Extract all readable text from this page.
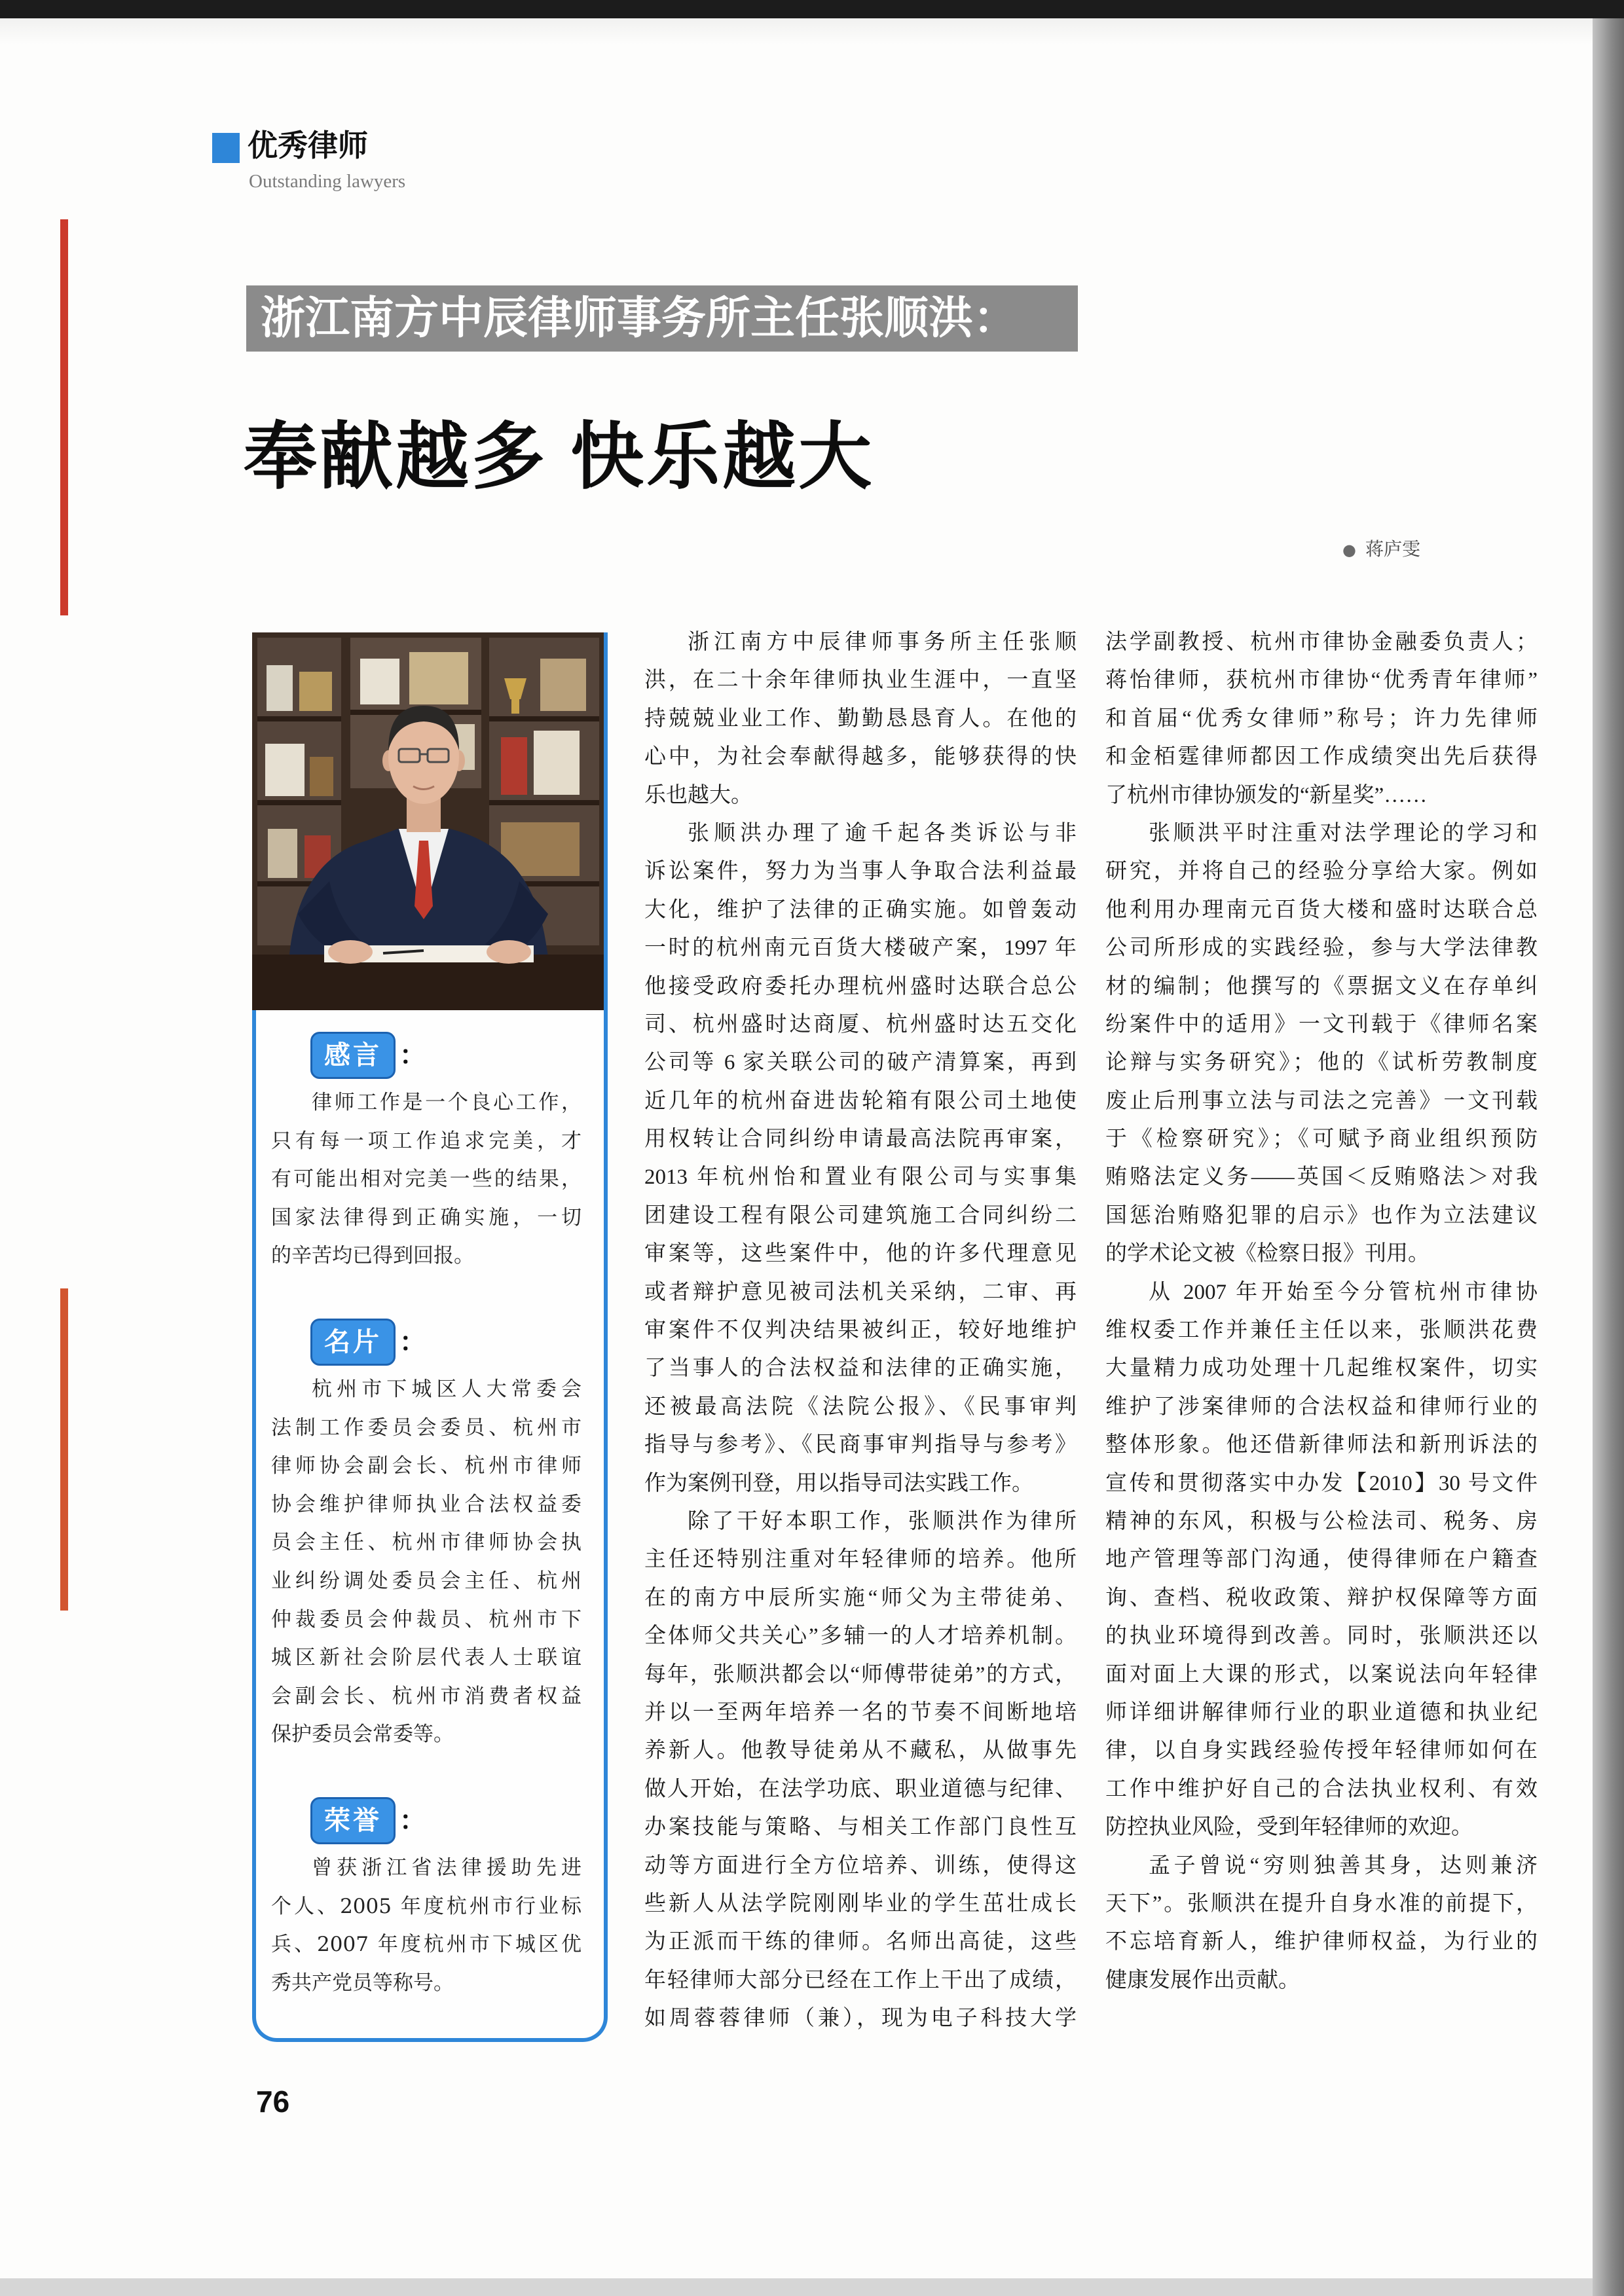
优秀律师
Outstanding lawyers
浙江南方中辰律师事务所主任张顺洪：
奉献越多 快乐越大
● 蒋庐雯
感言 ：
律师工作是一个良心工作，
只有每一项工作追求完美，才
有可能出相对完美一些的结果，
国家法律得到正确实施，一切
的辛苦均已得到回报。
名片 ：
杭州市下城区人大常委会
法制工作委员会委员、杭州市
律师协会副会长、杭州市律师
协会维护律师执业合法权益委
员会主任、杭州市律师协会执
业纠纷调处委员会主任、杭州
仲裁委员会仲裁员、杭州市下
城区新社会阶层代表人士联谊
会副会长、杭州市消费者权益
保护委员会常委等。
荣誉 ：
曾获浙江省法律援助先进
个人、2005 年度杭州市行业标
兵、2007 年度杭州市下城区优
秀共产党员等称号。
浙江南方中辰律师事务所主任张顺
洪，在二十余年律师执业生涯中，一直坚
持兢兢业业工作、勤勤恳恳育人。在他的
心中，为社会奉献得越多，能够获得的快
乐也越大。
张顺洪办理了逾千起各类诉讼与非
诉讼案件，努力为当事人争取合法利益最
大化，维护了法律的正确实施。如曾轰动
一时的杭州南元百货大楼破产案，1997 年
他接受政府委托办理杭州盛时达联合总公
司、杭州盛时达商厦、杭州盛时达五交化
公司等 6 家关联公司的破产清算案，再到
近几年的杭州奋进齿轮箱有限公司土地使
用权转让合同纠纷申请最高法院再审案，
2013 年杭州怡和置业有限公司与实事集
团建设工程有限公司建筑施工合同纠纷二
审案等，这些案件中，他的许多代理意见
或者辩护意见被司法机关采纳，二审、再
审案件不仅判决结果被纠正，较好地维护
了当事人的合法权益和法律的正确实施，
还被最高法院《法院公报》、《民事审判
指导与参考》、《民商事审判指导与参考》
作为案例刊登，用以指导司法实践工作。
除了干好本职工作，张顺洪作为律所
主任还特别注重对年轻律师的培养。他所
在的南方中辰所实施“师父为主带徒弟、
全体师父共关心”多辅一的人才培养机制。
每年，张顺洪都会以“师傅带徒弟”的方式，
并以一至两年培养一名的节奏不间断地培
养新人。他教导徒弟从不藏私，从做事先
做人开始，在法学功底、职业道德与纪律、
办案技能与策略、与相关工作部门良性互
动等方面进行全方位培养、训练，使得这
些新人从法学院刚刚毕业的学生茁壮成长
为正派而干练的律师。名师出高徒，这些
年轻律师大部分已经在工作上干出了成绩，
如周蓉蓉律师（兼），现为电子科技大学
法学副教授、杭州市律协金融委负责人；
蒋怡律师，获杭州市律协“优秀青年律师”
和首届“优秀女律师”称号；许力先律师
和金栢霆律师都因工作成绩突出先后获得
了杭州市律协颁发的“新星奖”……
张顺洪平时注重对法学理论的学习和
研究，并将自己的经验分享给大家。例如
他利用办理南元百货大楼和盛时达联合总
公司所形成的实践经验，参与大学法律教
材的编制；他撰写的《票据文义在存单纠
纷案件中的适用》一文刊载于《律师名案
论辩与实务研究》；他的《试析劳教制度
废止后刑事立法与司法之完善》一文刊载
于《检察研究》；《可赋予商业组织预防
贿赂法定义务——英国＜反贿赂法＞对我
国惩治贿赂犯罪的启示》也作为立法建议
的学术论文被《检察日报》刊用。
从 2007 年开始至今分管杭州市律协
维权委工作并兼任主任以来，张顺洪花费
大量精力成功处理十几起维权案件，切实
维护了涉案律师的合法权益和律师行业的
整体形象。他还借新律师法和新刑诉法的
宣传和贯彻落实中办发【2010】30 号文件
精神的东风，积极与公检法司、税务、房
地产管理等部门沟通，使得律师在户籍查
询、查档、税收政策、辩护权保障等方面
的执业环境得到改善。同时，张顺洪还以
面对面上大课的形式，以案说法向年轻律
师详细讲解律师行业的职业道德和执业纪
律，以自身实践经验传授年轻律师如何在
工作中维护好自己的合法执业权利、有效
防控执业风险，受到年轻律师的欢迎。
孟子曾说“穷则独善其身，达则兼济
天下”。张顺洪在提升自身水准的前提下，
不忘培育新人，维护律师权益，为行业的
健康发展作出贡献。
76
